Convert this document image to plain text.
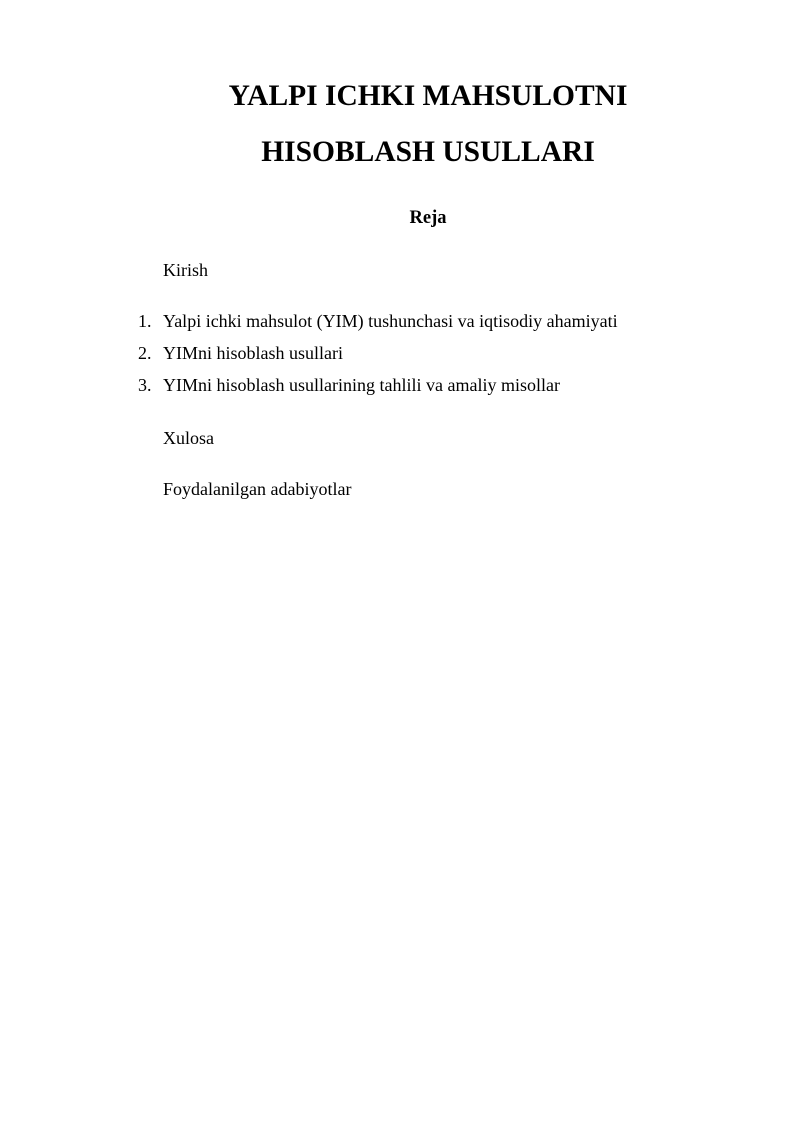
YALPI ICHKI MAHSULOTNI
HISOBLASH USULLARI
Reja
Kirish
1. Yalpi ichki mahsulot (YIM) tushunchasi va iqtisodiy ahamiyati
2. YIMni hisoblash usullari
3. YIMni hisoblash usullarining tahlili va amaliy misollar
Xulosa
Foydalanilgan adabiyotlar
